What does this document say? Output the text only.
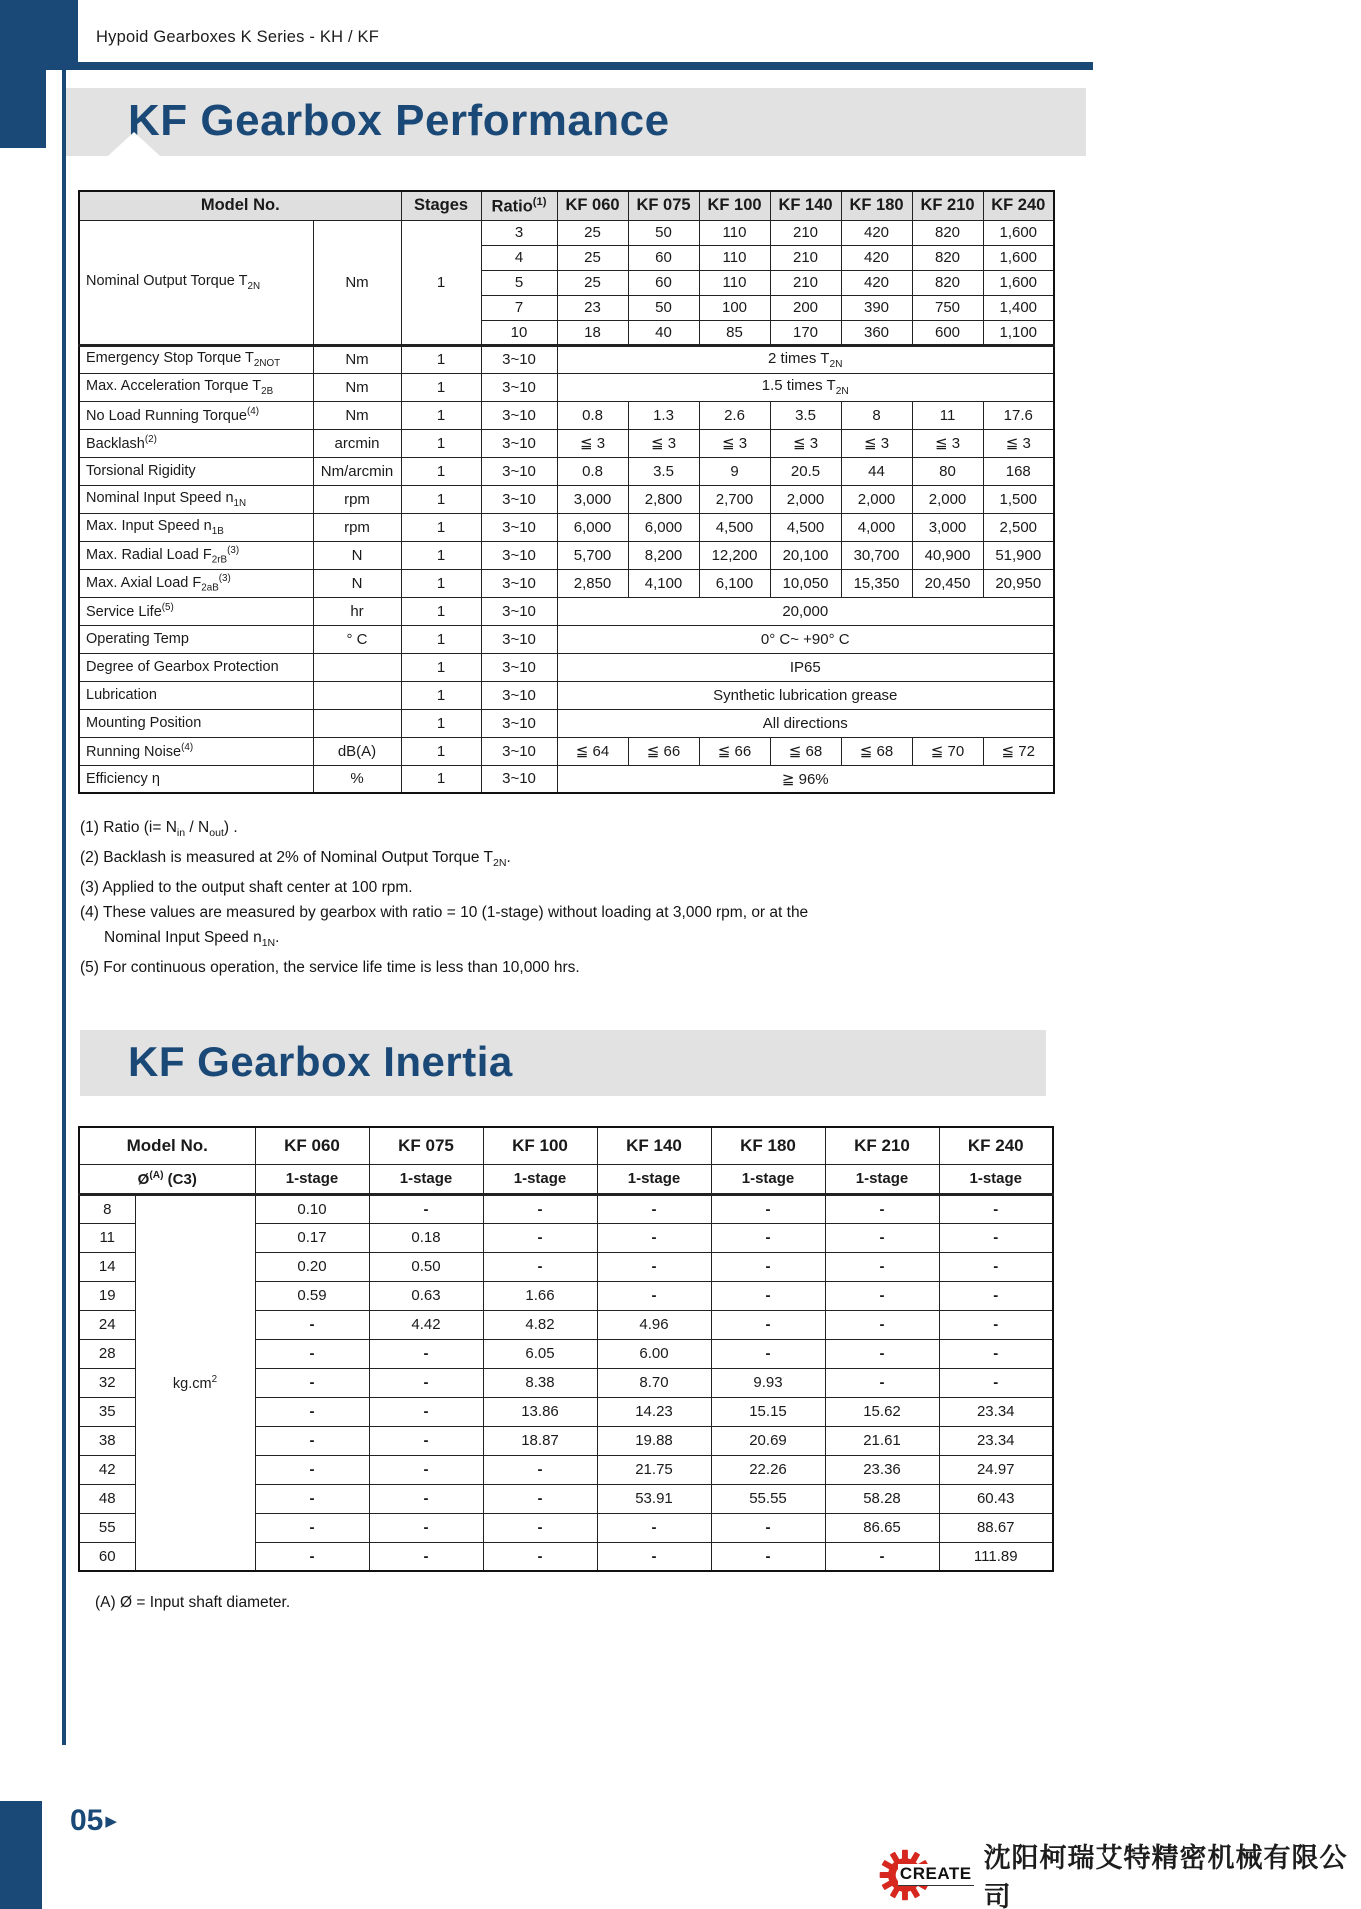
Hypoid Gearboxes K Series - KH / KF
KF Gearbox Performance
Model No.		Stages	Ratio$^{(1)}$	KF 060	KF 075	KF 100	KF 140	KF 180	KF 210	KF 240
Nominal Output Torque $T_{2N}$	Nm	1	3	25	50	110	210	420	820	1,600
			4	25	60	110	210	420	820	1,600
			5	25	60	110	210	420	820	1,600
			7	23	50	100	200	390	750	1,400
			10	18	40	85	170	360	600	1,100
Emergency Stop Torque $T_{2NOT}$	Nm	1	3~10	2 times $T_{2N}$
Max. Acceleration Torque $T_{2B}$	Nm	1	3~10	1.5 times $T_{2N}$
No Load Running Torque$^{(4)}$	Nm	1	3~10	0.8	1.3	2.6	3.5	8	11	17.6
Backlash$^{(2)}$	arcmin	1	3~10	≦ 3	≦ 3	≦ 3	≦ 3	≦ 3	≦ 3	≦ 3
Torsional Rigidity	Nm/arcmin	1	3~10	0.8	3.5	9	20.5	44	80	168
Nominal Input Speed $n_{1N}$	rpm	1	3~10	3,000	2,800	2,700	2,000	2,000	2,000	1,500
Max. Input Speed $n_{1B}$	rpm	1	3~10	6,000	6,000	4,500	4,500	4,000	3,000	2,500
Max. Radial Load $F_{2rB}^{(3)}$	N	1	3~10	5,700	8,200	12,200	20,100	30,700	40,900	51,900
Max. Axial Load $F_{2aB}^{(3)}$	N	1	3~10	2,850	4,100	6,100	10,050	15,350	20,450	20,950
Service Life$^{(5)}$	hr	1	3~10	20,000						
Operating Temp	° C	1	3~10	0° C~ +90° C						
Degree of Gearbox Protection		1	3~10	IP65						
Lubrication		1	3~10	Synthetic lubrication grease						
Mounting Position		1	3~10	All directions						
Running Noise$^{(4)}$	dB(A)	1	3~10	≦ 64	≦ 66	≦ 66	≦ 68	≦ 68	≦ 70	≦ 72
Efficiency η	%	1	3~10	≧ 96%						
(1) Ratio $(i= N_{in} / N_{out})$ .
(2) Backlash is measured at 2% of Nominal Output Torque $T_{2N}$.
(3) Applied to the output shaft center at 100 rpm.
(4) These values are measured by gearbox with ratio = 10 (1-stage) without loading at 3,000 rpm, or at the
Nominal Input Speed $n_{1N}$.
(5) For continuous operation, the service life time is less than 10,000 hrs.
KF Gearbox Inertia
Model No.		KF 060	KF 075	KF 100	KF 140	KF 180	KF 210	KF 240
$Ø^{(A)}$ (C3)		1-stage	1-stage	1-stage	1-stage	1-stage	1-stage	1-stage
8	$kg.cm^2$	0.10	-	-	-	-	-	-
11		0.17	0.18	-	-	-	-	-
14		0.20	0.50	-	-	-	-	-
19		0.59	0.63	1.66	-	-	-	-
24		-	4.42	4.82	4.96	-	-	-
28		-	-	6.05	6.00	-	-	-
32		-	-	8.38	8.70	9.93	-	-
35		-	-	13.86	14.23	15.15	15.62	23.34
38		-	-	18.87	19.88	20.69	21.61	23.34
42		-	-	-	21.75	22.26	23.36	24.97
48		-	-	-	53.91	55.55	58.28	60.43
55		-	-	-	-	-	86.65	88.67
60		-	-	-	-	-	-	111.89
(A) Ø = Input shaft diameter.
05 ▶
CREATE
沈阳柯瑞艾特精密机械有限公司
